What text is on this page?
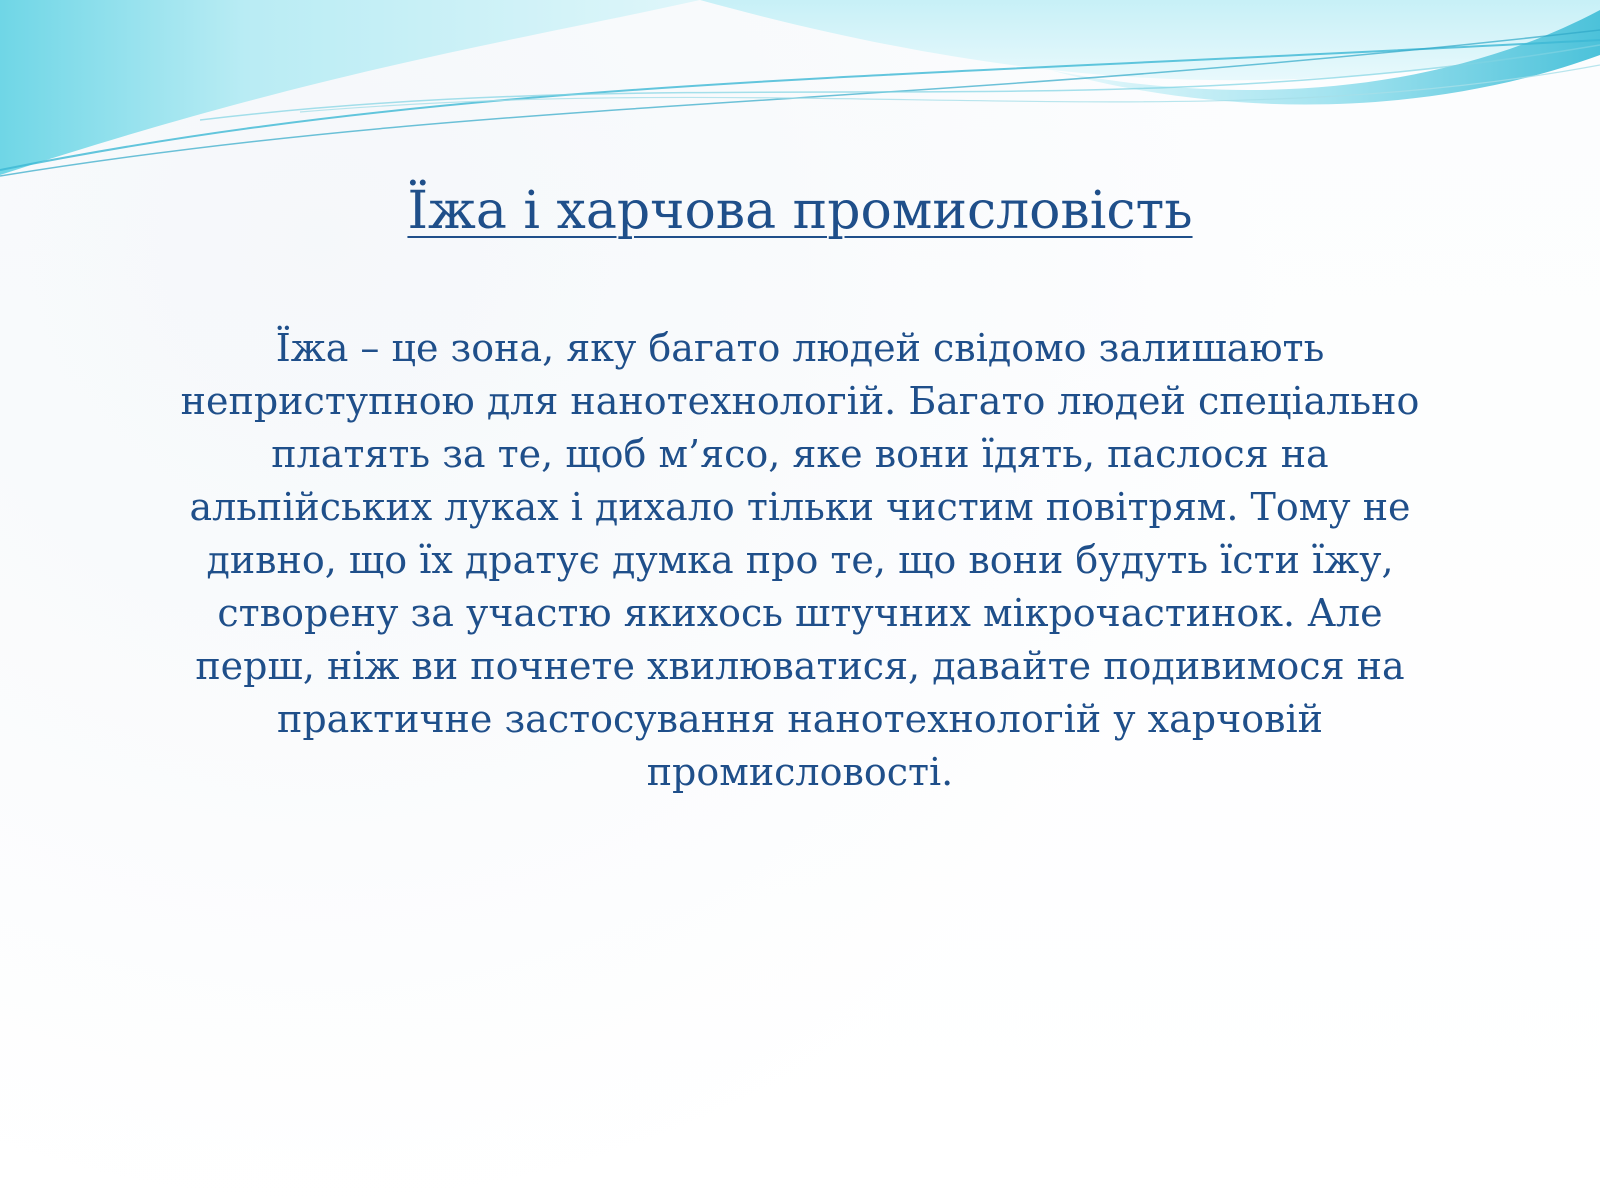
Їжа і харчова промисловість

Їжа – це зона, яку багато людей свідомо залишають неприступною для нанотехнологій. Багато людей спеціально платять за те, щоб м’ясо, яке вони їдять, паслося на альпійських луках і дихало тільки чистим повітрям. Тому не дивно, що їх дратує думка про те, що вони будуть їсти їжу, створену за участю якихось штучних мікрочастинок. Але перш, ніж ви почнете хвилюватися, давайте подивимося на практичне застосування нанотехнологій у харчовій промисловості.
